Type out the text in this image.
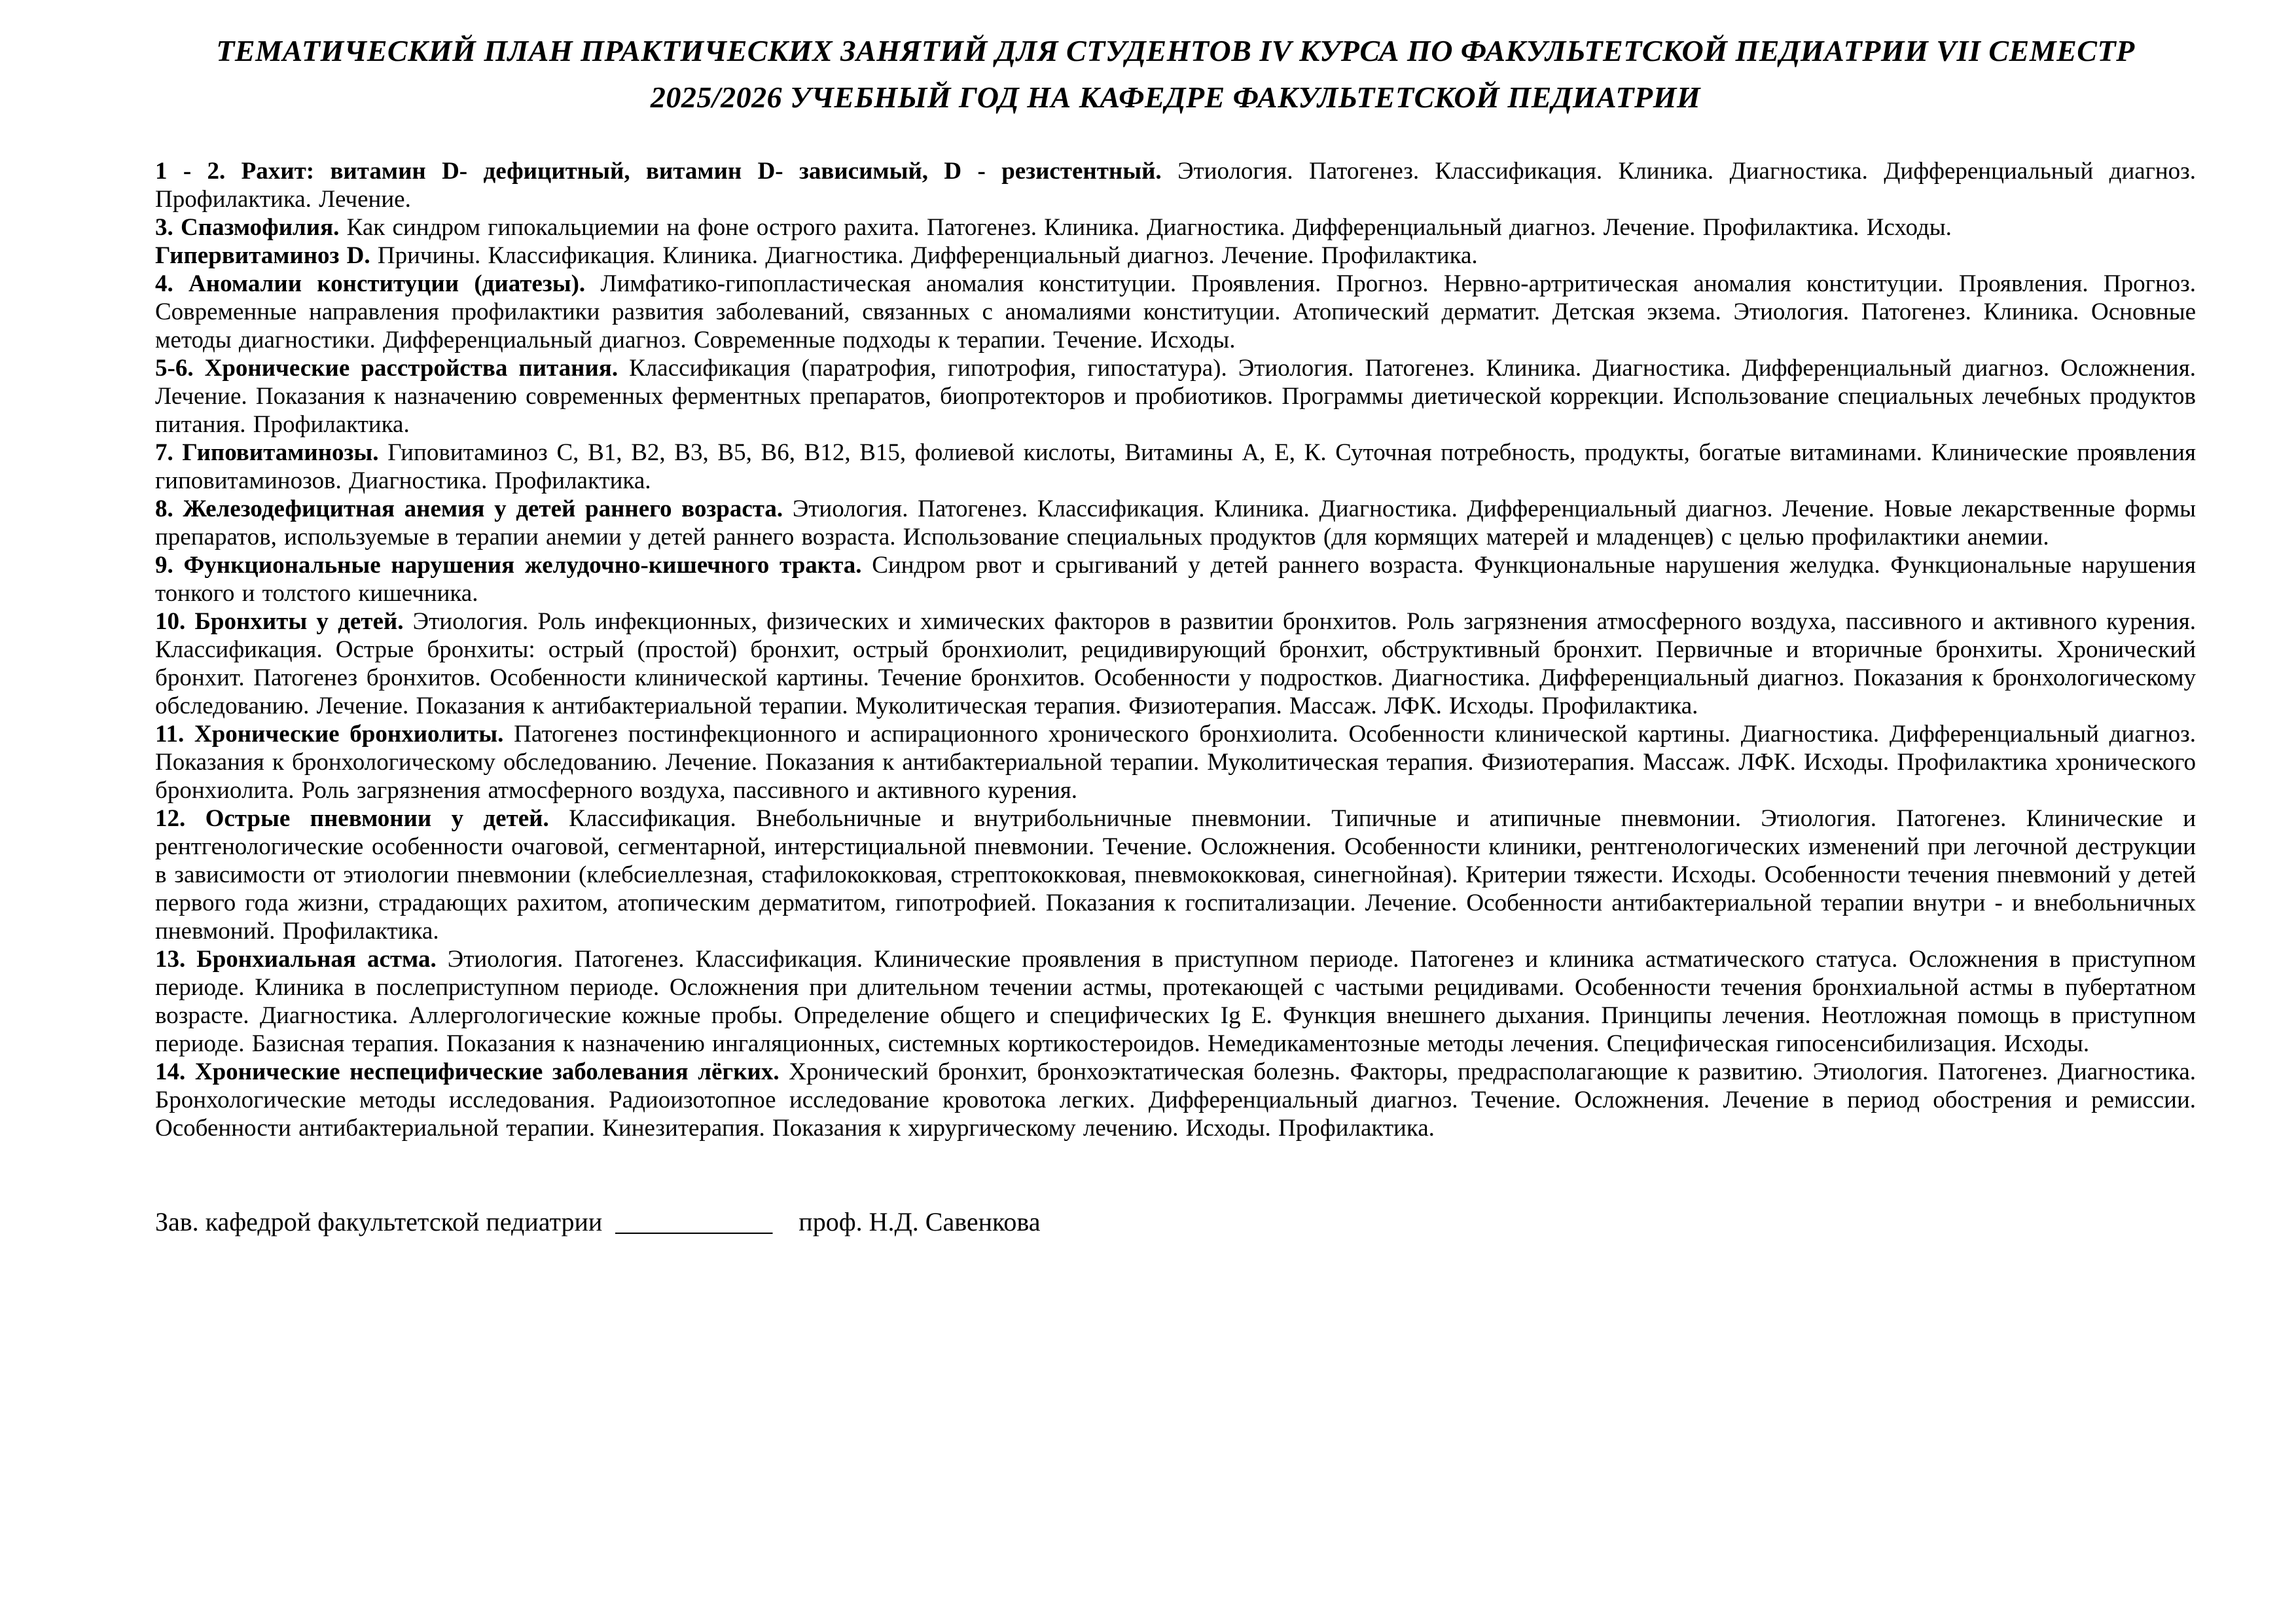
ТЕМАТИЧЕСКИЙ ПЛАН ПРАКТИЧЕСКИХ ЗАНЯТИЙ ДЛЯ СТУДЕНТОВ IV КУРСА ПО ФАКУЛЬТЕТСКОЙ ПЕДИАТРИИ VII СЕМЕСТР 2025/2026 УЧЕБНЫЙ ГОД НА КАФЕДРЕ ФАКУЛЬТЕТСКОЙ ПЕДИАТРИИ

1 - 2. Рахит: витамин D- дефицитный, витамин D- зависимый, D - резистентный. Этиология. Патогенез. Классификация. Клиника. Диагностика. Дифференциальный диагноз. Профилактика. Лечение.

3. Спазмофилия. Как синдром гипокальциемии на фоне острого рахита. Патогенез. Клиника. Диагностика. Дифференциальный диагноз. Лечение. Профилактика. Исходы.

Гипервитаминоз D. Причины. Классификация. Клиника. Диагностика. Дифференциальный диагноз. Лечение. Профилактика.

4. Аномалии конституции (диатезы). Лимфатико-гипопластическая аномалия конституции. Проявления. Прогноз. Нервно-артритическая аномалия конституции. Проявления. Прогноз. Современные направления профилактики развития заболеваний, связанных с аномалиями конституции. Атопический дерматит. Детская экзема. Этиология. Патогенез. Клиника. Основные методы диагностики. Дифференциальный диагноз. Современные подходы к терапии. Течение. Исходы.

5-6. Хронические расстройства питания. Классификация (паратрофия, гипотрофия, гипостатура). Этиология. Патогенез. Клиника. Диагностика. Дифференциальный диагноз. Осложнения. Лечение. Показания к назначению современных ферментных препаратов, биопротекторов и пробиотиков. Программы диетической коррекции. Использование специальных лечебных продуктов питания. Профилактика.

7. Гиповитаминозы. Гиповитаминоз С, В1, В2, В3, В5, В6, В12, В15, фолиевой кислоты, Витамины А, Е, К. Суточная потребность, продукты, богатые витаминами. Клинические проявления гиповитаминозов. Диагностика. Профилактика.

8. Железодефицитная анемия у детей раннего возраста. Этиология. Патогенез. Классификация. Клиника. Диагностика. Дифференциальный диагноз. Лечение. Новые лекарственные формы препаратов, используемые в терапии анемии у детей раннего возраста. Использование специальных продуктов (для кормящих матерей и младенцев) с целью профилактики анемии.

9. Функциональные нарушения желудочно-кишечного тракта. Синдром рвот и срыгиваний у детей раннего возраста. Функциональные нарушения желудка. Функциональные нарушения тонкого и толстого кишечника.

10. Бронхиты у детей. Этиология. Роль инфекционных, физических и химических факторов в развитии бронхитов. Роль загрязнения атмосферного воздуха, пассивного и активного курения. Классификация. Острые бронхиты: острый (простой) бронхит, острый бронхиолит, рецидивирующий бронхит, обструктивный бронхит. Первичные и вторичные бронхиты. Хронический бронхит. Патогенез бронхитов. Особенности клинической картины. Течение бронхитов. Особенности у подростков. Диагностика. Дифференциальный диагноз. Показания к бронхологическому обследованию. Лечение. Показания к антибактериальной терапии. Муколитическая терапия. Физиотерапия. Массаж. ЛФК. Исходы. Профилактика.

11. Хронические бронхиолиты. Патогенез постинфекционного и аспирационного хронического бронхиолита. Особенности клинической картины. Диагностика. Дифференциальный диагноз. Показания к бронхологическому обследованию. Лечение. Показания к антибактериальной терапии. Муколитическая терапия. Физиотерапия. Массаж. ЛФК. Исходы. Профилактика хронического бронхиолита. Роль загрязнения атмосферного воздуха, пассивного и активного курения.

12. Острые пневмонии у детей. Классификация. Внебольничные и внутрибольничные пневмонии. Типичные и атипичные пневмонии. Этиология. Патогенез. Клинические и рентгенологические особенности очаговой, сегментарной, интерстициальной пневмонии. Течение. Осложнения. Особенности клиники, рентгенологических изменений при легочной деструкции в зависимости от этиологии пневмонии (клебсиеллезная, стафилококковая, стрептококковая, пневмококковая, синегнойная). Критерии тяжести. Исходы. Особенности течения пневмоний у детей первого года жизни, страдающих рахитом, атопическим дерматитом, гипотрофией. Показания к госпитализации. Лечение. Особенности антибактериальной терапии внутри - и внебольничных пневмоний. Профилактика.

13. Бронхиальная астма. Этиология. Патогенез. Классификация. Клинические проявления в приступном периоде. Патогенез и клиника астматического статуса. Осложнения в приступном периоде. Клиника в послеприступном периоде. Осложнения при длительном течении астмы, протекающей с частыми рецидивами. Особенности течения бронхиальной астмы в пубертатном возрасте. Диагностика. Аллергологические кожные пробы. Определение общего и специфических Ig E. Функция внешнего дыхания. Принципы лечения. Неотложная помощь в приступном периоде. Базисная терапия. Показания к назначению ингаляционных, системных кортикостероидов. Немедикаментозные методы лечения. Специфическая гипосенсибилизация. Исходы.

14. Хронические неспецифические заболевания лёгких. Хронический бронхит, бронхоэктатическая болезнь. Факторы, предрасполагающие к развитию. Этиология. Патогенез. Диагностика. Бронхологические методы исследования. Радиоизотопное исследование кровотока легких. Дифференциальный диагноз. Течение. Осложнения. Лечение в период обострения и ремиссии. Особенности антибактериальной терапии. Кинезитерапия. Показания к хирургическому лечению. Исходы. Профилактика.

Зав. кафедрой факультетской педиатрии ____________ проф. Н.Д. Савенкова
